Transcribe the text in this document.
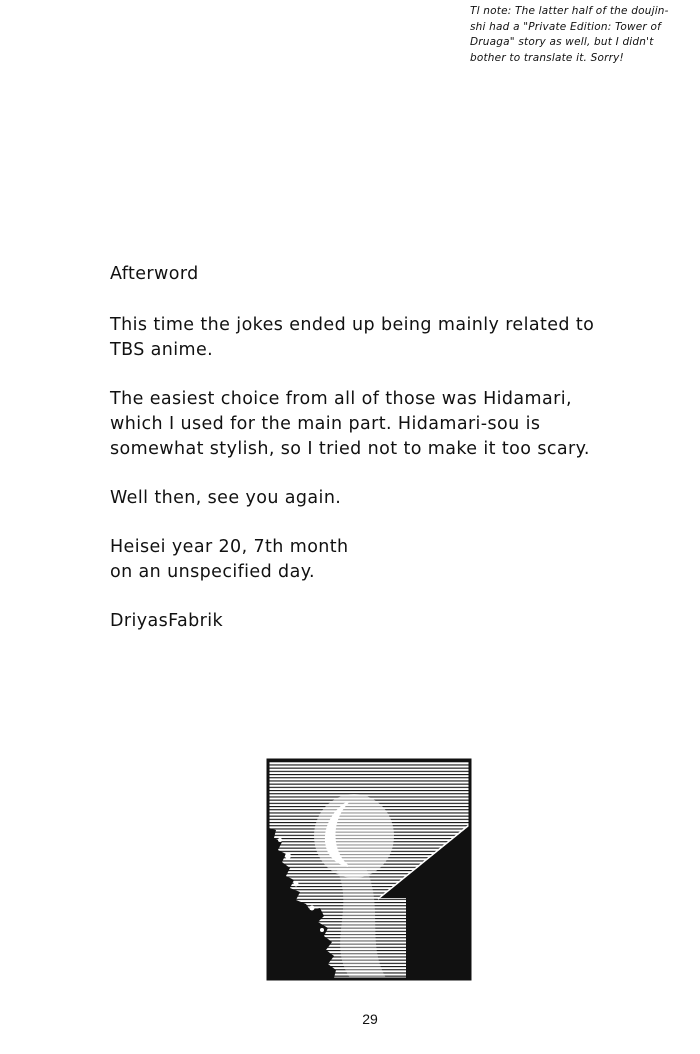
Tl note: The latter half of the doujin-
shi had a "Private Edition: Tower of
Druaga" story as well, but I didn't
bother to translate it. Sorry!
Afterword
This time the jokes ended up being mainly related to
TBS anime.
The easiest choice from all of those was Hidamari,
which I used for the main part. Hidamari-sou is
somewhat stylish, so I tried not to make it too scary.
Well then, see you again.
Heisei year 20, 7th month
on an unspecified day.
DriyasFabrik
29
